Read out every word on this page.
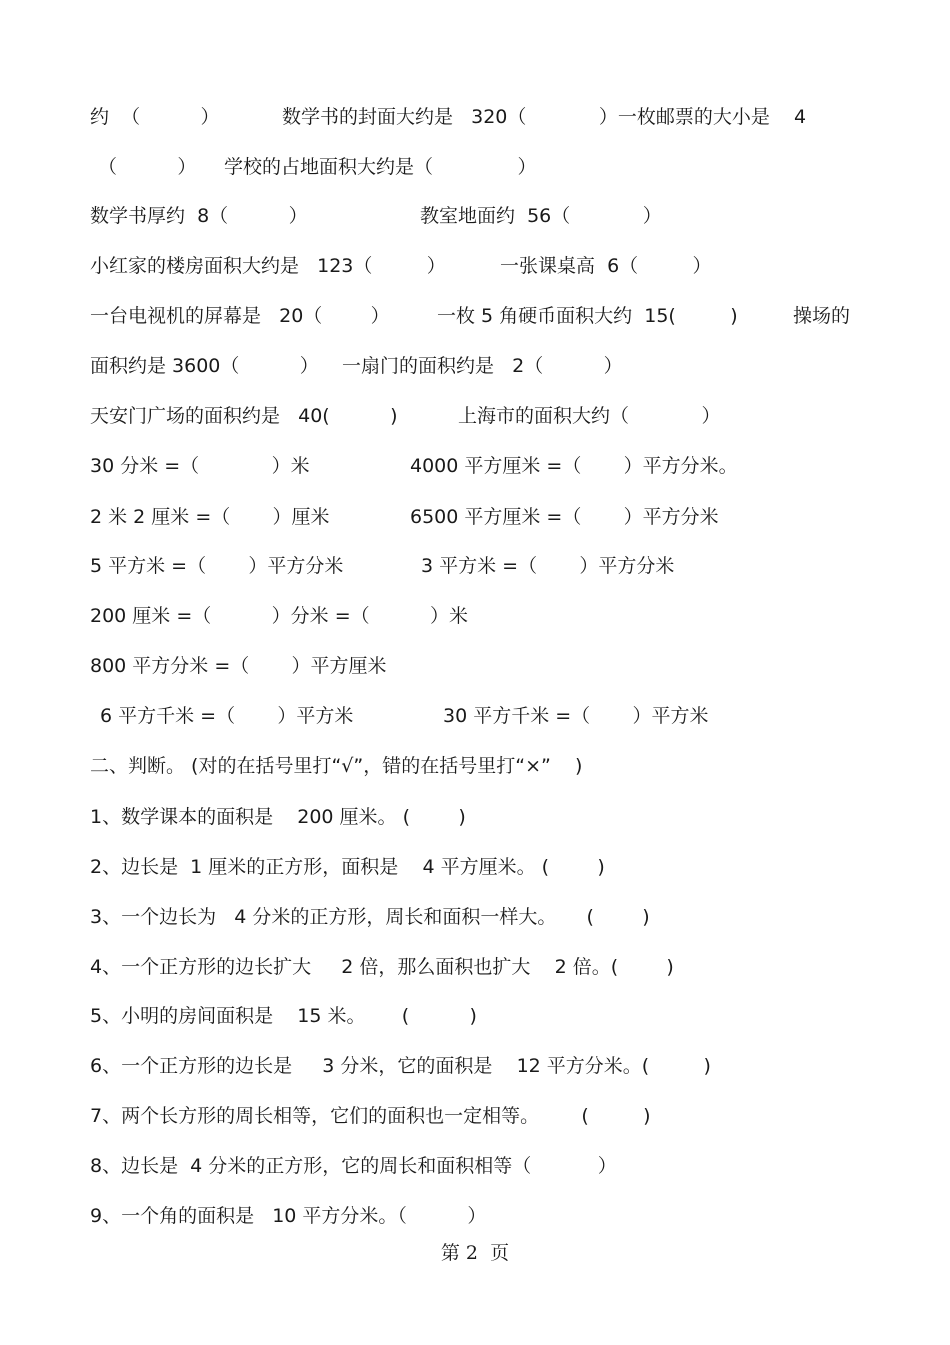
约  （          ）	数学书的封面大约是   320（            ）一枚邮票的大小是    4
（          ） 学校的占地面积大约是（              ）
数学书厚约  8（          ）	教室地面约  56（            ）
小红家的楼房面积大约是   123（         ）	一张课桌高  6（         ）
一台电视机的屏幕是   20（        ） 一枚 5 角硬币面积大约  15(         )	操场的
面积约是 3600（          ） 一扇门的面积约是   2（          ）
天安门广场的面积约是   40(          )	上海市的面积大约（            ）
30 分米 =（            ）米	4000 平方厘米 =（       ）平方分米。
2 米 2 厘米 =（       ）厘米	6500 平方厘米 =（       ）平方分米
5 平方米 =（       ）平方分米	3 平方米 =（       ）平方分米
200 厘米 =（          ）分米 =（          ）米
800 平方分米 =（       ）平方厘米
6 平方千米 =（       ）平方米	30 平方千米 =（       ）平方米
二、判断。 (对的在括号里打“√”，错的在括号里打“×”    )
1、数学课本的面积是    200 厘米。 (        )
2、边长是  1 厘米的正方形，面积是    4 平方厘米。 (        )
3、一个边长为   4 分米的正方形，周长和面积一样大。     (        )
4、一个正方形的边长扩大     2 倍，那么面积也扩大    2 倍。(        )
5、小明的房间面积是    15 米。      (          )
6、一个正方形的边长是     3 分米，它的面积是    12 平方分米。(         )
7、两个长方形的周长相等，它们的面积也一定相等。       (         )
8、边长是  4 分米的正方形，它的周长和面积相等（           ）
9、一个角的面积是   10 平方分米。（          ）
第 2  页
